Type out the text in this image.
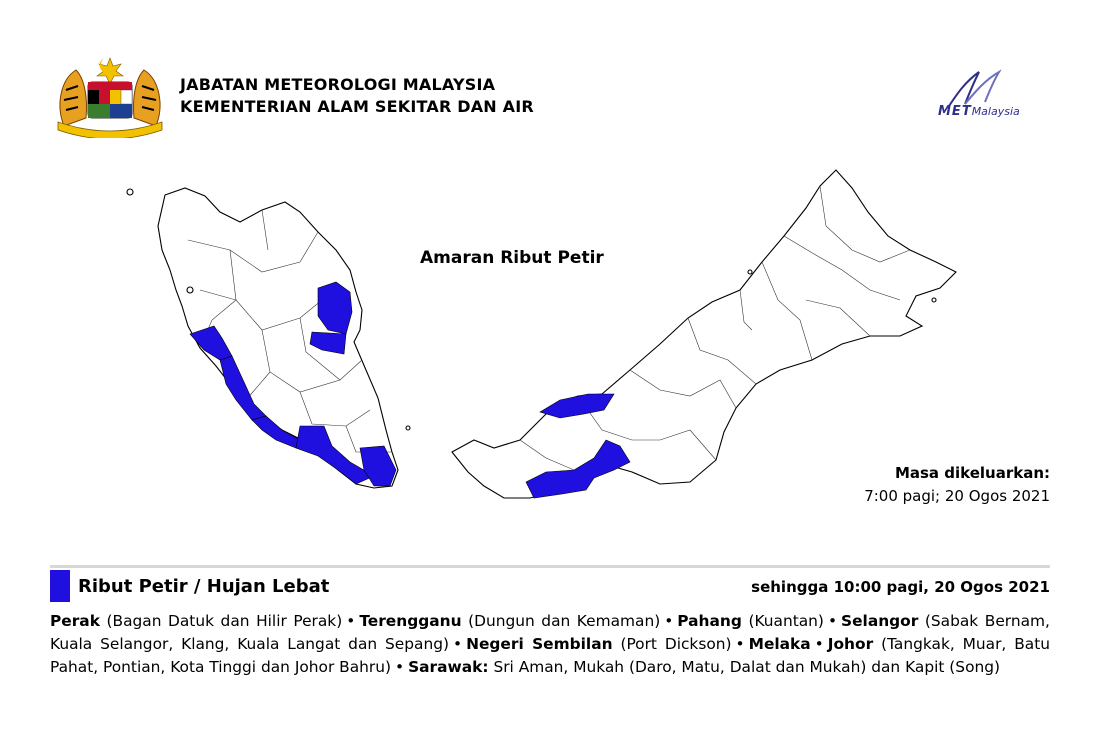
JABATAN METEOROLOGI MALAYSIA
KEMENTERIAN ALAM SEKITAR DAN AIR	METMalaysia
Amaran Ribut Petir
Masa dikeluarkan:
7:00 pagi; 20 Ogos 2021
Ribut Petir / Hujan Lebat	sehingga 10:00 pagi, 20 Ogos 2021
Perak (Bagan Datuk dan Hilir Perak) • Terengganu (Dungun dan Kemaman) • Pahang (Kuantan) • Selangor (Sabak Bernam, Kuala Selangor, Klang, Kuala Langat dan Sepang) • Negeri Sembilan (Port Dickson) • Melaka • Johor (Tangkak, Muar, Batu Pahat, Pontian, Kota Tinggi dan Johor Bahru) • Sarawak: Sri Aman, Mukah (Daro, Matu, Dalat dan Mukah) dan Kapit (Song)
